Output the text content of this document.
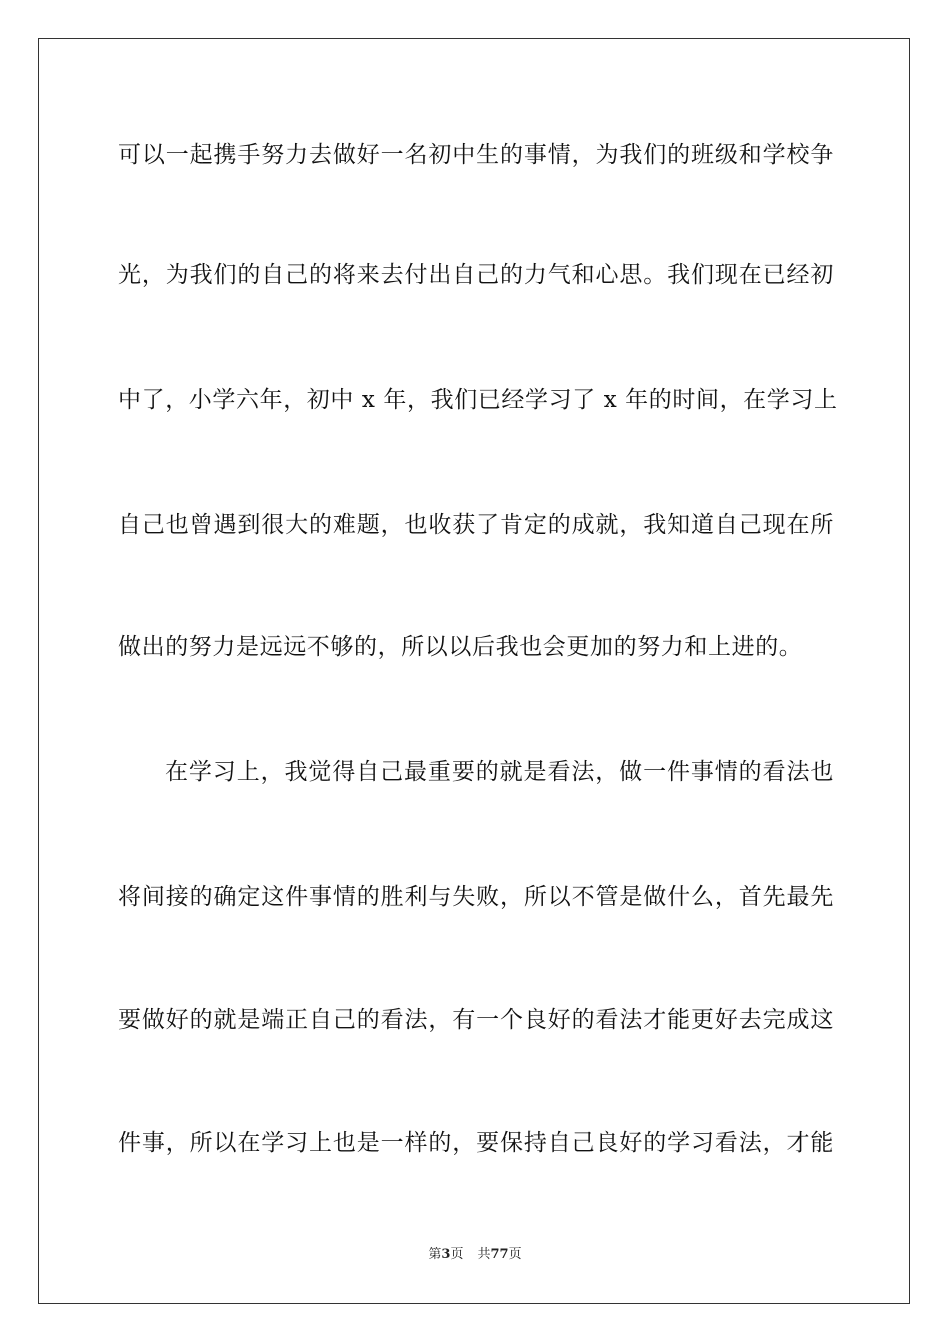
可以一起携手努力去做好一名初中生的事情，为我们的班级和学校争
光，为我们的自己的将来去付出自己的力气和心思。我们现在已经初
中了，小学六年，初中 x 年，我们已经学习了 x 年的时间，在学习上
自己也曾遇到很大的难题，也收获了肯定的成就，我知道自己现在所
做出的努力是远远不够的，所以以后我也会更加的努力和上进的。
在学习上，我觉得自己最重要的就是看法，做一件事情的看法也
将间接的确定这件事情的胜利与失败，所以不管是做什么，首先最先
要做好的就是端正自己的看法，有一个良好的看法才能更好去完成这
件事，所以在学习上也是一样的，要保持自己良好的学习看法，才能
第3页 共77页
